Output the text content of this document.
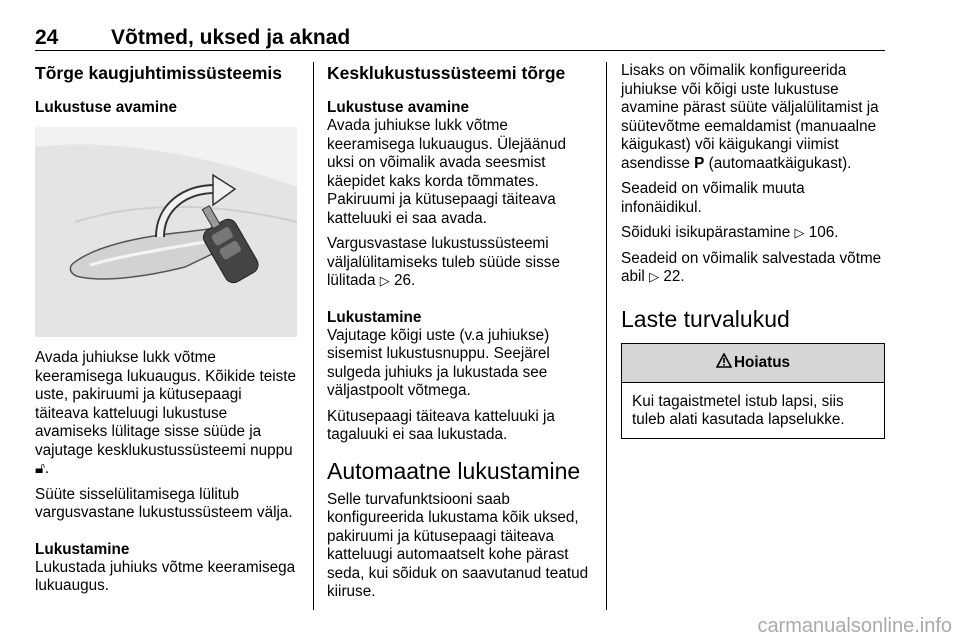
24	Võtmed, uksed ja aknad
Tõrge kaugjuhtimissüsteemis
Lukustuse avamine

Avada juhiukse lukk võtme keeramisega lukuaugus. Kõikide teiste uste, pakiruumi ja kütusepaagi täiteava katteluugi lukustuse avamiseks lülitage sisse süüde ja vajutage kesklukustussüsteemi nuppu 🔓︎.

Süüte sisselülitamisega lülitub vargusvastane lukustussüsteem välja.

Lukustamine

Lukustada juhiuks võtme keeramisega lukuaugus.

Kesklukustussüsteemi tõrge
Lukustuse avamine

Avada juhiukse lukk võtme keeramisega lukuaugus. Ülejäänud uksi on võimalik avada seesmist käepidet kaks korda tõmmates. Pakiruumi ja kütusepaagi täiteava katteluuki ei saa avada.

Vargusvastase lukustussüsteemi väljalülitamiseks tuleb süüde sisse lülitada ▷ 26.

Lukustamine

Vajutage kõigi uste (v.a juhiukse) sisemist lukustusnuppu. Seejärel sulgeda juhiuks ja lukustada see väljastpoolt võtmega.

Kütusepaagi täiteava katteluuki ja tagaluuki ei saa lukustada.

Automaatne lukustamine

Selle turvafunktsiooni saab konfigureerida lukustama kõik uksed, pakiruumi ja kütusepaagi täiteava katteluugi automaatselt kohe pärast seda, kui sõiduk on saavutanud teatud kiiruse.

Lisaks on võimalik konfigureerida juhiukse või kõigi uste lukustuse avamine pärast süüte väljalülitamist ja süütevõtme eemaldamist (manuaalne käigukast) või käigukangi viimist asendisse P (automaatkäigukast).

Seadeid on võimalik muuta infonäidikul.

Sõiduki isikupärastamine ▷ 106.

Seadeid on võimalik salvestada võtme abil ▷ 22.

Laste turvalukud
Hoiatus

Kui tagaistmetel istub lapsi, siis tuleb alati kasutada lapselukke.

carmanualsonline.info
